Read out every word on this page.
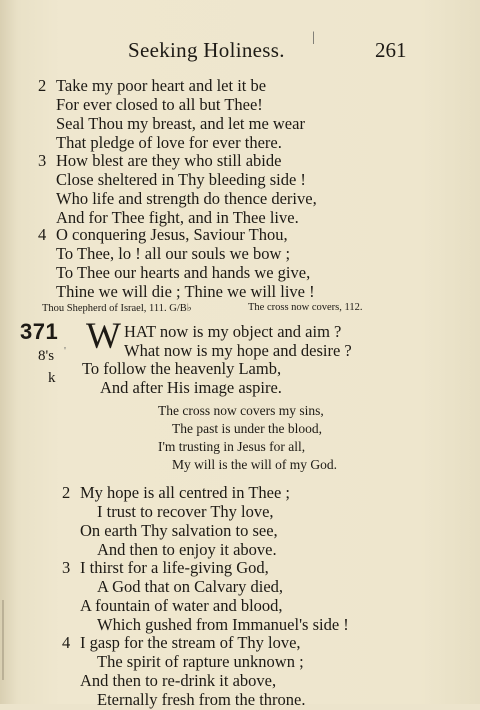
Seeking Holiness.
|
261
2 Take my poor heart and let it be
For ever closed to all but Thee!
Seal Thou my breast, and let me wear
That pledge of love for ever there.
3 How blest are they who still abide
Close sheltered in Thy bleeding side !
Who life and strength do thence derive,
And for Thee fight, and in Thee live.
4 O conquering Jesus, Saviour Thou,
To Thee, lo ! all our souls we bow ;
To Thee our hearts and hands we give,
Thine we will die ; Thine we will live !
Thou Shepherd of Israel, 111. G/B♭	The cross now covers, 112.
371
'
8's
k
W HAT now is my object and aim ?
What now is my hope and desire ?
To follow the heavenly Lamb,
And after His image aspire.
The cross now covers my sins,
The past is under the blood,
I'm trusting in Jesus for all,
My will is the will of my God.
2 My hope is all centred in Thee ;
I trust to recover Thy love,
On earth Thy salvation to see,
And then to enjoy it above.
3 I thirst for a life-giving God,
A God that on Calvary died,
A fountain of water and blood,
Which gushed from Immanuel's side !
4 I gasp for the stream of Thy love,
The spirit of rapture unknown ;
And then to re-drink it above,
Eternally fresh from the throne.
